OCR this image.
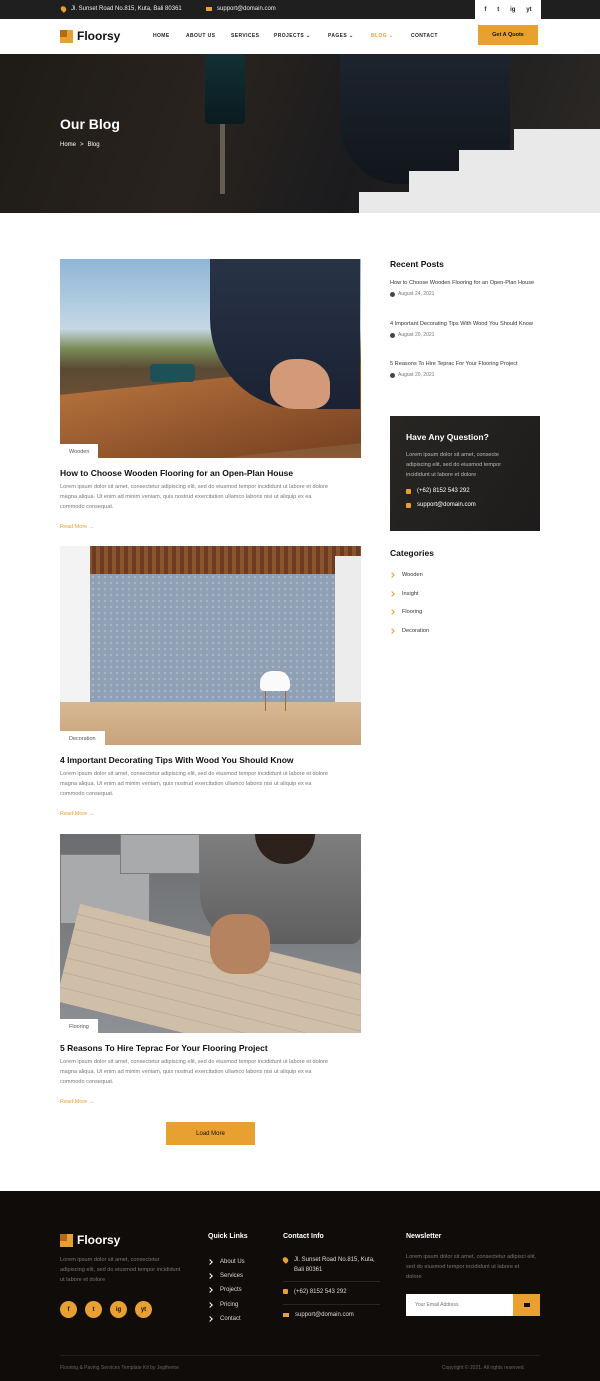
Jl. Sunset Road No.815, Kuta, Bali 80361	support@domain.com	f t ig yt
Floorsy	HOME	ABOUT US	SERVICES	PROJECTS ⌄	PAGES ⌄	BLOG ⌄	CONTACT	Get A Quote
Our Blog
Home > Blog
Wooden
How to Choose Wooden Flooring for an Open-Plan House

Lorem ipsum dolor sit amet, consectetur adipiscing elit, sed do eiusmod tempor incididunt ut labore et dolore magna aliqua. Ut enim ad minim veniam, quis nostrud exercitation ullamco laboris nisi ut aliquip ex ea commodo consequat.

Read More →
Decoration
4 Important Decorating Tips With Wood You Should Know

Lorem ipsum dolor sit amet, consectetur adipiscing elit, sed do eiusmod tempor incididunt ut labore et dolore magna aliqua. Ut enim ad minim veniam, quis nostrud exercitation ullamco laboris nisi ut aliquip ex ea commodo consequat.

Read More →
Flooring
5 Reasons To Hire Teprac For Your Flooring Project

Lorem ipsum dolor sit amet, consectetur adipiscing elit, sed do eiusmod tempor incididunt ut labore et dolore magna aliqua. Ut enim ad minim veniam, quis nostrud exercitation ullamco laboris nisi ut aliquip ex ea commodo consequat.

Read More →
Load More
Recent Posts
How to Choose Wooden Flooring for an Open-Plan House
August 24, 2021
4 Important Decorating Tips With Wood You Should Know
August 20, 2021
5 Reasons To Hire Teprac For Your Flooring Project
August 20, 2021
Have Any Question?

Lorem ipsum dolor sit amet, consecte adipiscing elit, sed do eiusmod tempor incididunt ut labore et dolore

(+62) 8152 543 292
support@domain.com
Categories
Wooden
Insight
Flooring
Decoration
Floorsy
Lorem ipsum dolor sit amet, consectetur adipiscing elit, sed do eiusmod tempor incididunt ut labore et dolore
f	t	ig	yt
Quick Links
About Us
Services
Projects
Pricing
Contact
Contact Info
Jl. Sunset Road No.815, Kuta, Bali 80361
(+62) 8152 543 292
support@domain.com
Newsletter
Lorem ipsum dolor sit amet, consectetur adipisci elit, sed do eiusmod tempor incididunt ut labore et dolore
Your Email Address
Flooring & Paving Services Template Kit by Jegtheme	Copyright © 2021. All rights reserved.
